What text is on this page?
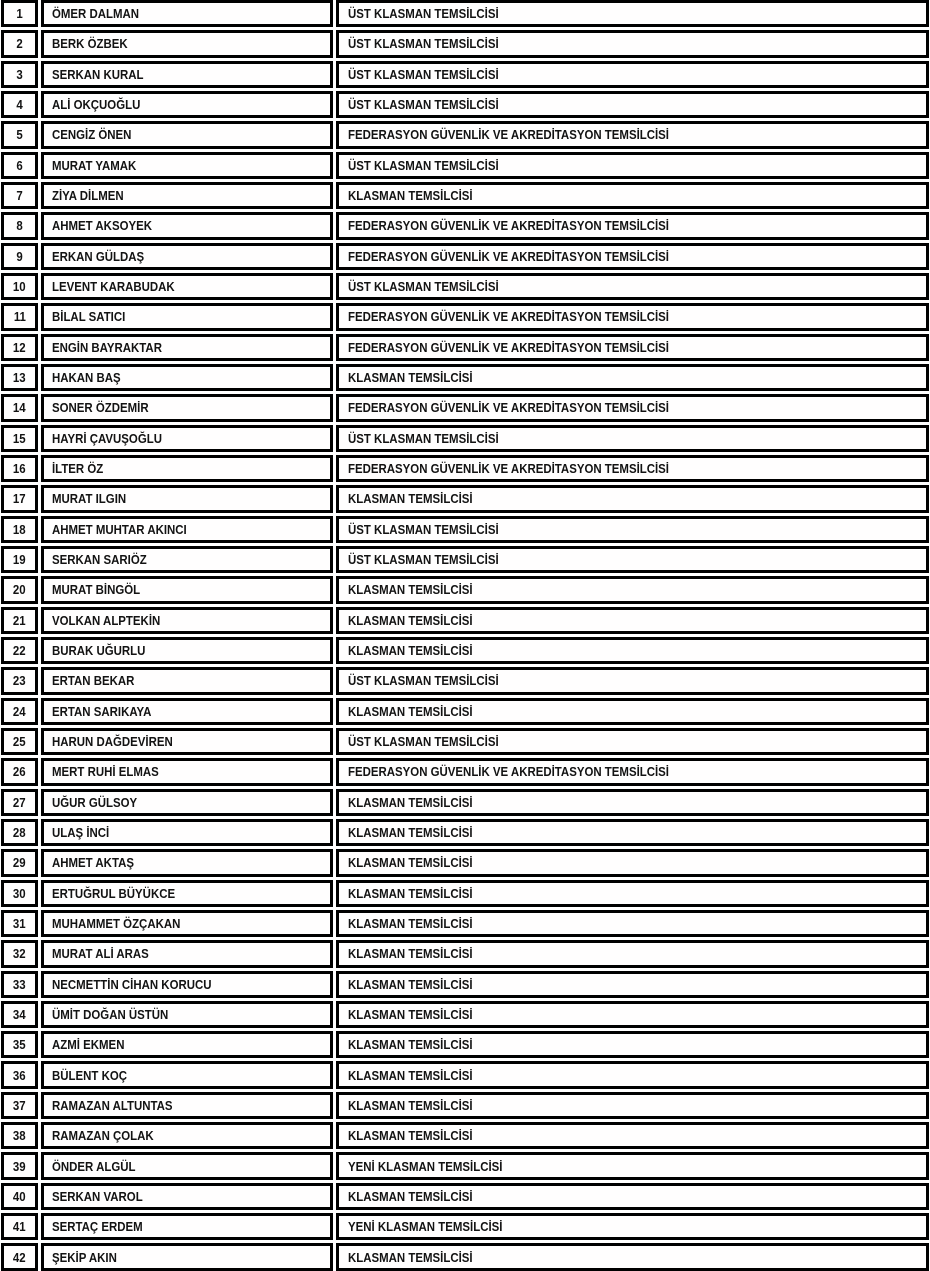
1 ÖMER DALMAN	ÜST KLASMAN TEMSİLCİSİ
2 BERK ÖZBEK	ÜST KLASMAN TEMSİLCİSİ
3 SERKAN KURAL	ÜST KLASMAN TEMSİLCİSİ
4 ALİ OKÇUOĞLU	ÜST KLASMAN TEMSİLCİSİ
5 CENGİZ ÖNEN	FEDERASYON GÜVENLİK VE AKREDİTASYON TEMSİLCİSİ
6 MURAT YAMAK	ÜST KLASMAN TEMSİLCİSİ
7 ZİYA DİLMEN	KLASMAN TEMSİLCİSİ
8 AHMET AKSOYEK	FEDERASYON GÜVENLİK VE AKREDİTASYON TEMSİLCİSİ
9 ERKAN GÜLDAŞ	FEDERASYON GÜVENLİK VE AKREDİTASYON TEMSİLCİSİ
10 LEVENT KARABUDAK	ÜST KLASMAN TEMSİLCİSİ
11 BİLAL SATICI	FEDERASYON GÜVENLİK VE AKREDİTASYON TEMSİLCİSİ
12 ENGİN BAYRAKTAR	FEDERASYON GÜVENLİK VE AKREDİTASYON TEMSİLCİSİ
13 HAKAN BAŞ	KLASMAN TEMSİLCİSİ
14 SONER ÖZDEMİR	FEDERASYON GÜVENLİK VE AKREDİTASYON TEMSİLCİSİ
15 HAYRİ ÇAVUŞOĞLU	ÜST KLASMAN TEMSİLCİSİ
16 İLTER ÖZ	FEDERASYON GÜVENLİK VE AKREDİTASYON TEMSİLCİSİ
17 MURAT ILGIN	KLASMAN TEMSİLCİSİ
18 AHMET MUHTAR AKINCI	ÜST KLASMAN TEMSİLCİSİ
19 SERKAN SARIÖZ	ÜST KLASMAN TEMSİLCİSİ
20 MURAT BİNGÖL	KLASMAN TEMSİLCİSİ
21 VOLKAN ALPTEKİN	KLASMAN TEMSİLCİSİ
22 BURAK UĞURLU	KLASMAN TEMSİLCİSİ
23 ERTAN BEKAR	ÜST KLASMAN TEMSİLCİSİ
24 ERTAN SARIKAYA	KLASMAN TEMSİLCİSİ
25 HARUN DAĞDEVİREN	ÜST KLASMAN TEMSİLCİSİ
26 MERT RUHİ ELMAS	FEDERASYON GÜVENLİK VE AKREDİTASYON TEMSİLCİSİ
27 UĞUR GÜLSOY	KLASMAN TEMSİLCİSİ
28 ULAŞ İNCİ	KLASMAN TEMSİLCİSİ
29 AHMET AKTAŞ	KLASMAN TEMSİLCİSİ
30 ERTUĞRUL BÜYÜKCE	KLASMAN TEMSİLCİSİ
31 MUHAMMET ÖZÇAKAN	KLASMAN TEMSİLCİSİ
32 MURAT ALİ ARAS	KLASMAN TEMSİLCİSİ
33 NECMETTİN CİHAN KORUCU	KLASMAN TEMSİLCİSİ
34 ÜMİT DOĞAN ÜSTÜN	KLASMAN TEMSİLCİSİ
35 AZMİ EKMEN	KLASMAN TEMSİLCİSİ
36 BÜLENT KOÇ	KLASMAN TEMSİLCİSİ
37 RAMAZAN ALTUNTAS	KLASMAN TEMSİLCİSİ
38 RAMAZAN ÇOLAK	KLASMAN TEMSİLCİSİ
39 ÖNDER ALGÜL	YENİ KLASMAN TEMSİLCİSİ
40 SERKAN VAROL	KLASMAN TEMSİLCİSİ
41 SERTAÇ ERDEM	YENİ KLASMAN TEMSİLCİSİ
42 ŞEKİP AKIN	KLASMAN TEMSİLCİSİ
